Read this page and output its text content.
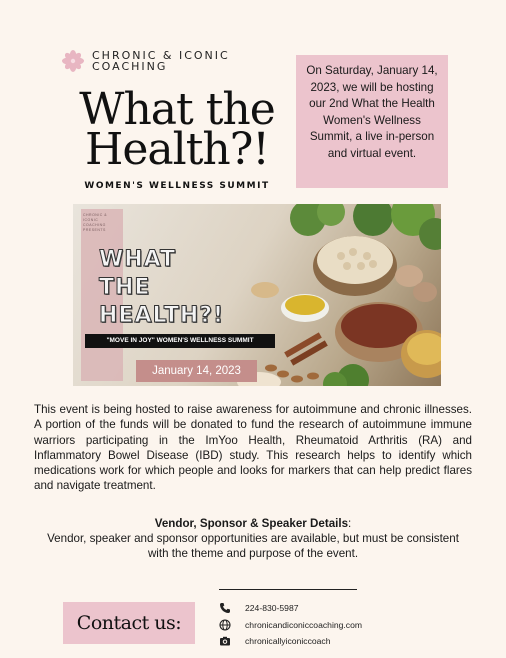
CHRONIC & ICONIC
COACHING
What the
Health?!
WOMEN'S WELLNESS SUMMIT
On Saturday, January 14, 2023, we will be hosting our 2nd What the Health Women's Wellness Summit, a live in-person and virtual event.
CHRONIC & ICONIC COACHING PRESENTS
WHAT
THE
HEALTH?!
"MOVE IN JOY" WOMEN'S WELLNESS SUMMIT
January 14, 2023
This event is being hosted to raise awareness for autoimmune and chronic illnesses. A portion of the funds will be donated to fund the research of autoimmune immune warriors participating in the ImYoo Health, Rheumatoid Arthritis (RA) and Inflammatory Bowel Disease (IBD) study. This research helps to identify which medications work for which people and looks for markers that can help predict flares and navigate treatment.
Vendor, Sponsor & Speaker Details:
Vendor, speaker and sponsor opportunities are available, but must be consistent with the theme and purpose of the event.
Contact us:
224-830-5987
chronicandiconiccoaching.com
chronicallyiconiccoach
